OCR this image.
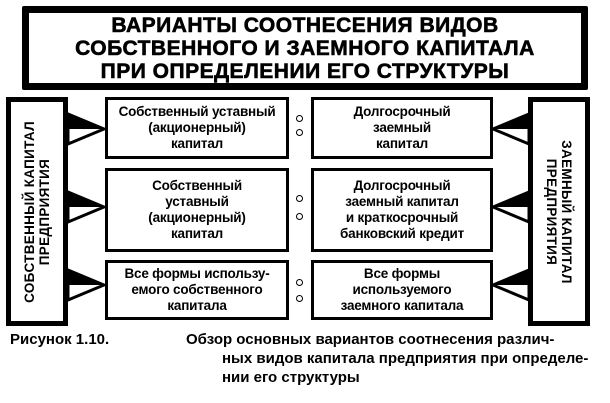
ВАРИАНТЫ СООТНЕСЕНИЯ ВИДОВ
СОБСТВЕННОГО И ЗАЕМНОГО КАПИТАЛА
ПРИ ОПРЕДЕЛЕНИИ ЕГО СТРУКТУРЫ
СОБСТВЕННЫЙ КАПИТАЛ ПРЕДПРИЯТИЯ	ЗАЕМНЫЙ КАПИТАЛ
ПРЕДПРИЯТИЯ
Собственный уставный
(акционерный)
капитал
Долгосрочный
заемный
капитал
Собственный
уставный
(акционерный)
капитал
Долгосрочный
заемный капитал
и краткосрочный
банковский кредит
Все формы использу-
емого собственного
капитала
Все формы
используемого
заемного капитала
Рисунок 1.10.	Обзор основных вариантов соотнесения различ-
ных видов капитала предприятия при определе-
нии его структуры
